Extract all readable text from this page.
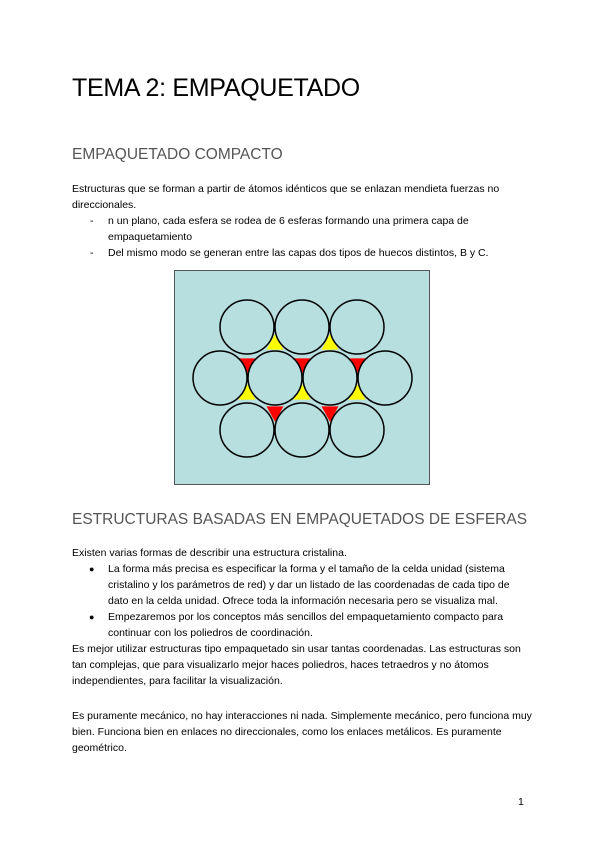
TEMA 2: EMPAQUETADO
EMPAQUETADO COMPACTO

Estructuras que se forman a partir de átomos idénticos que se enlazan mendieta fuerzas no direccionales.

- n un plano, cada esfera se rodea de 6 esferas formando una primera capa de empaquetamiento
- Del mismo modo se generan entre las capas dos tipos de huecos distintos, B y C.
ESTRUCTURAS BASADAS EN EMPAQUETADOS DE ESFERAS

Existen varias formas de describir una estructura cristalina.

● La forma más precisa es especificar la forma y el tamaño de la celda unidad (sistema cristalino y los parámetros de red) y dar un listado de las coordenadas de cada tipo de dato en la celda unidad. Ofrece toda la información necesaria pero se visualiza mal.
● Empezaremos por los conceptos más sencillos del empaquetamiento compacto para continuar con los poliedros de coordinación.

Es mejor utilizar estructuras tipo empaquetado sin usar tantas coordenadas. Las estructuras son tan complejas, que para visualizarlo mejor haces poliedros, haces tetraedros y no átomos independientes, para facilitar la visualización.

Es puramente mecánico, no hay interacciones ni nada. Simplemente mecánico, pero funciona muy bien. Funciona bien en enlaces no direccionales, como los enlaces metálicos. Es puramente geométrico.

1
